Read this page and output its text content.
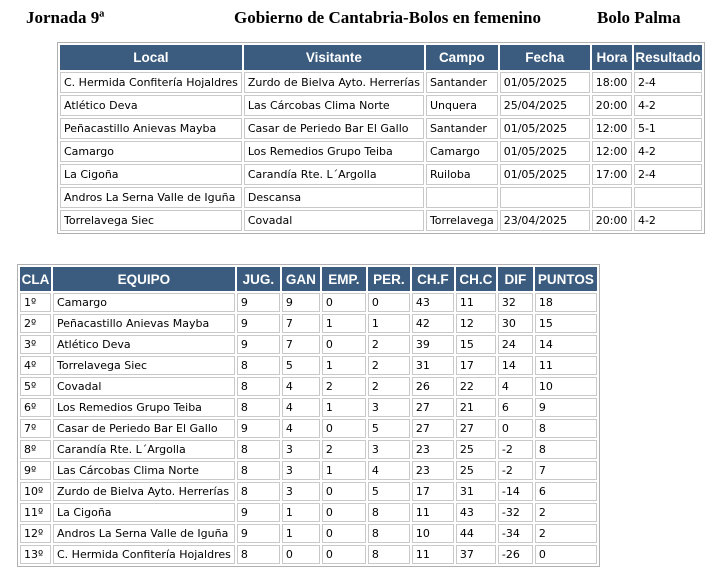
Jornada 9ª	Gobierno de Cantabria-Bolos en femenino	Bolo Palma
Local	Visitante	Campo	Fecha	Hora	Resultado
C. Hermida Confitería Hojaldres	Zurdo de Bielva Ayto. Herrerías	Santander	01/05/2025	18:00	2-4
Atlético Deva	Las Cárcobas Clima Norte	Unquera	25/04/2025	20:00	4-2
Peñacastillo Anievas Mayba	Casar de Periedo Bar El Gallo	Santander	01/05/2025	12:00	5-1
Camargo	Los Remedios Grupo Teiba	Camargo	01/05/2025	12:00	4-2
La Cigoña	Carandía Rte. L´Argolla	Ruiloba	01/05/2025	17:00	2-4
Andros La Serna Valle de Iguña	Descansa				
Torrelavega Siec	Covadal	Torrelavega	23/04/2025	20:00	4-2
CLA	EQUIPO	JUG.	GAN	EMP.	PER.	CH.F	CH.C	DIF	PUNTOS
1º	Camargo	9	9	0	0	43	11	32	18
2º	Peñacastillo Anievas Mayba	9	7	1	1	42	12	30	15
3º	Atlético Deva	9	7	0	2	39	15	24	14
4º	Torrelavega Siec	8	5	1	2	31	17	14	11
5º	Covadal	8	4	2	2	26	22	4	10
6º	Los Remedios Grupo Teiba	8	4	1	3	27	21	6	9
7º	Casar de Periedo Bar El Gallo	9	4	0	5	27	27	0	8
8º	Carandía Rte. L´Argolla	8	3	2	3	23	25	-2	8
9º	Las Cárcobas Clima Norte	8	3	1	4	23	25	-2	7
10º	Zurdo de Bielva Ayto. Herrerías	8	3	0	5	17	31	-14	6
11º	La Cigoña	9	1	0	8	11	43	-32	2
12º	Andros La Serna Valle de Iguña	9	1	0	8	10	44	-34	2
13º	C. Hermida Confitería Hojaldres	8	0	0	8	11	37	-26	0
